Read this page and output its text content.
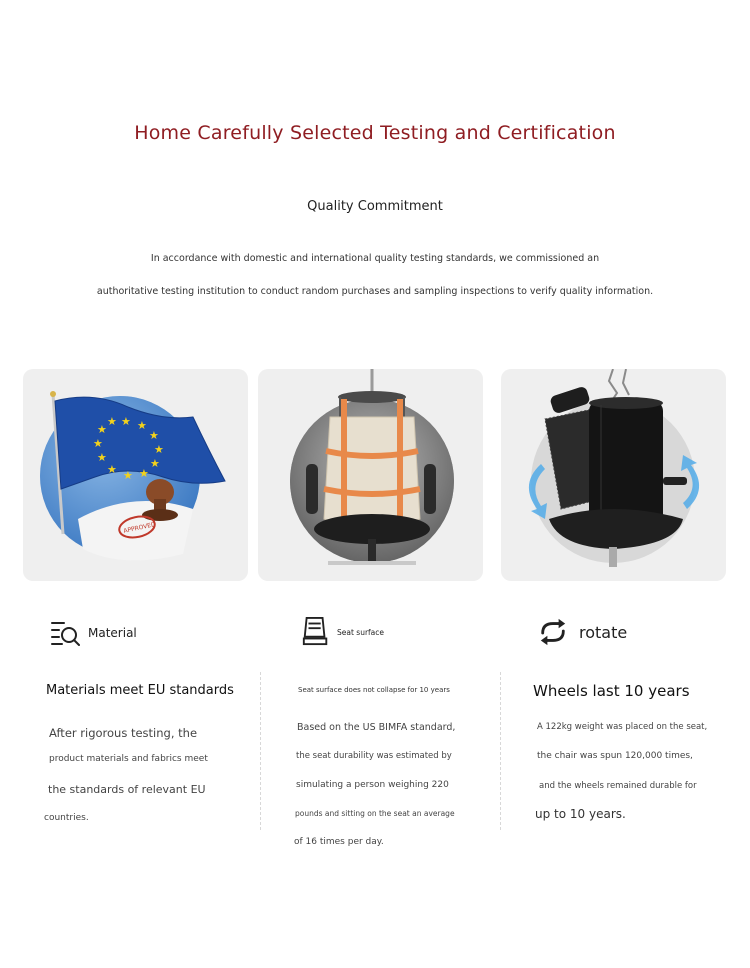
Home Carefully Selected Testing and Certification
Quality Commitment
In accordance with domestic and international quality testing standards, we commissioned an
authoritative testing institution to conduct random purchases and sampling inspections to verify quality information.
★ ★
★
★
★
★
★
★
★
★
★
★
APPROVED
Material	Seat surface	rotate
Materials meet EU standards
After rigorous testing, the
product materials and fabrics meet
the standards of relevant EU
countries.
Seat surface does not collapse for 10 years
Based on the US BIMFA standard,
the seat durability was estimated by
simulating a person weighing 220
pounds and sitting on the seat an average
of 16 times per day.
Wheels last 10 years
A 122kg weight was placed on the seat,
the chair was spun 120,000 times,
and the wheels remained durable for
up to 10 years.
